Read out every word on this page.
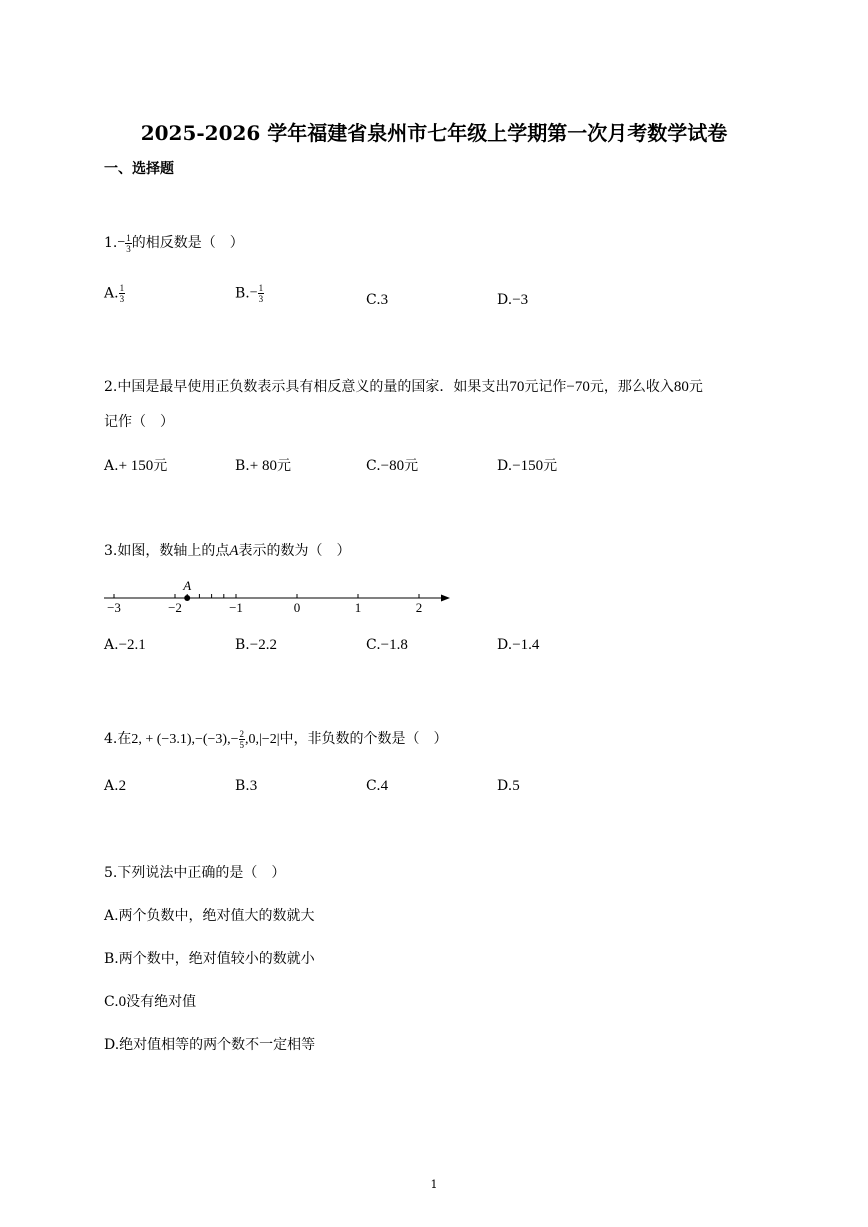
2025-2026 学年福建省泉州市七年级上学期第一次月考数学试卷
一、选择题
$1.- \frac{1}{3}$ 的相反数是（　）
A. $\frac{1}{3}$	$B.- \frac{1}{3}$	C.3	D.−3
2.中国是最早使用正负数表示具有相反意义的量的国家．如果支出70元记作−70元，那么收入80元
记作（　）
A.+ 150元	B.+ 80元	C.−80元	D.−150元
3.如图，数轴上的点A表示的数为（　）
−3	−2	−1	0	1	2
A
A.−2.1	B.−2.2	C.−1.8	D.−1.4
4.在2, + $(-3.1),-(-3),- \frac{2}{5} ,0,|-2|$中，非负数的个数是（　）
A.2	B.3	C.4	D.5
5.下列说法中正确的是（　）
A.两个负数中，绝对值大的数就大
B.两个数中，绝对值较小的数就小
C.0没有绝对值
D.绝对值相等的两个数不一定相等
1
